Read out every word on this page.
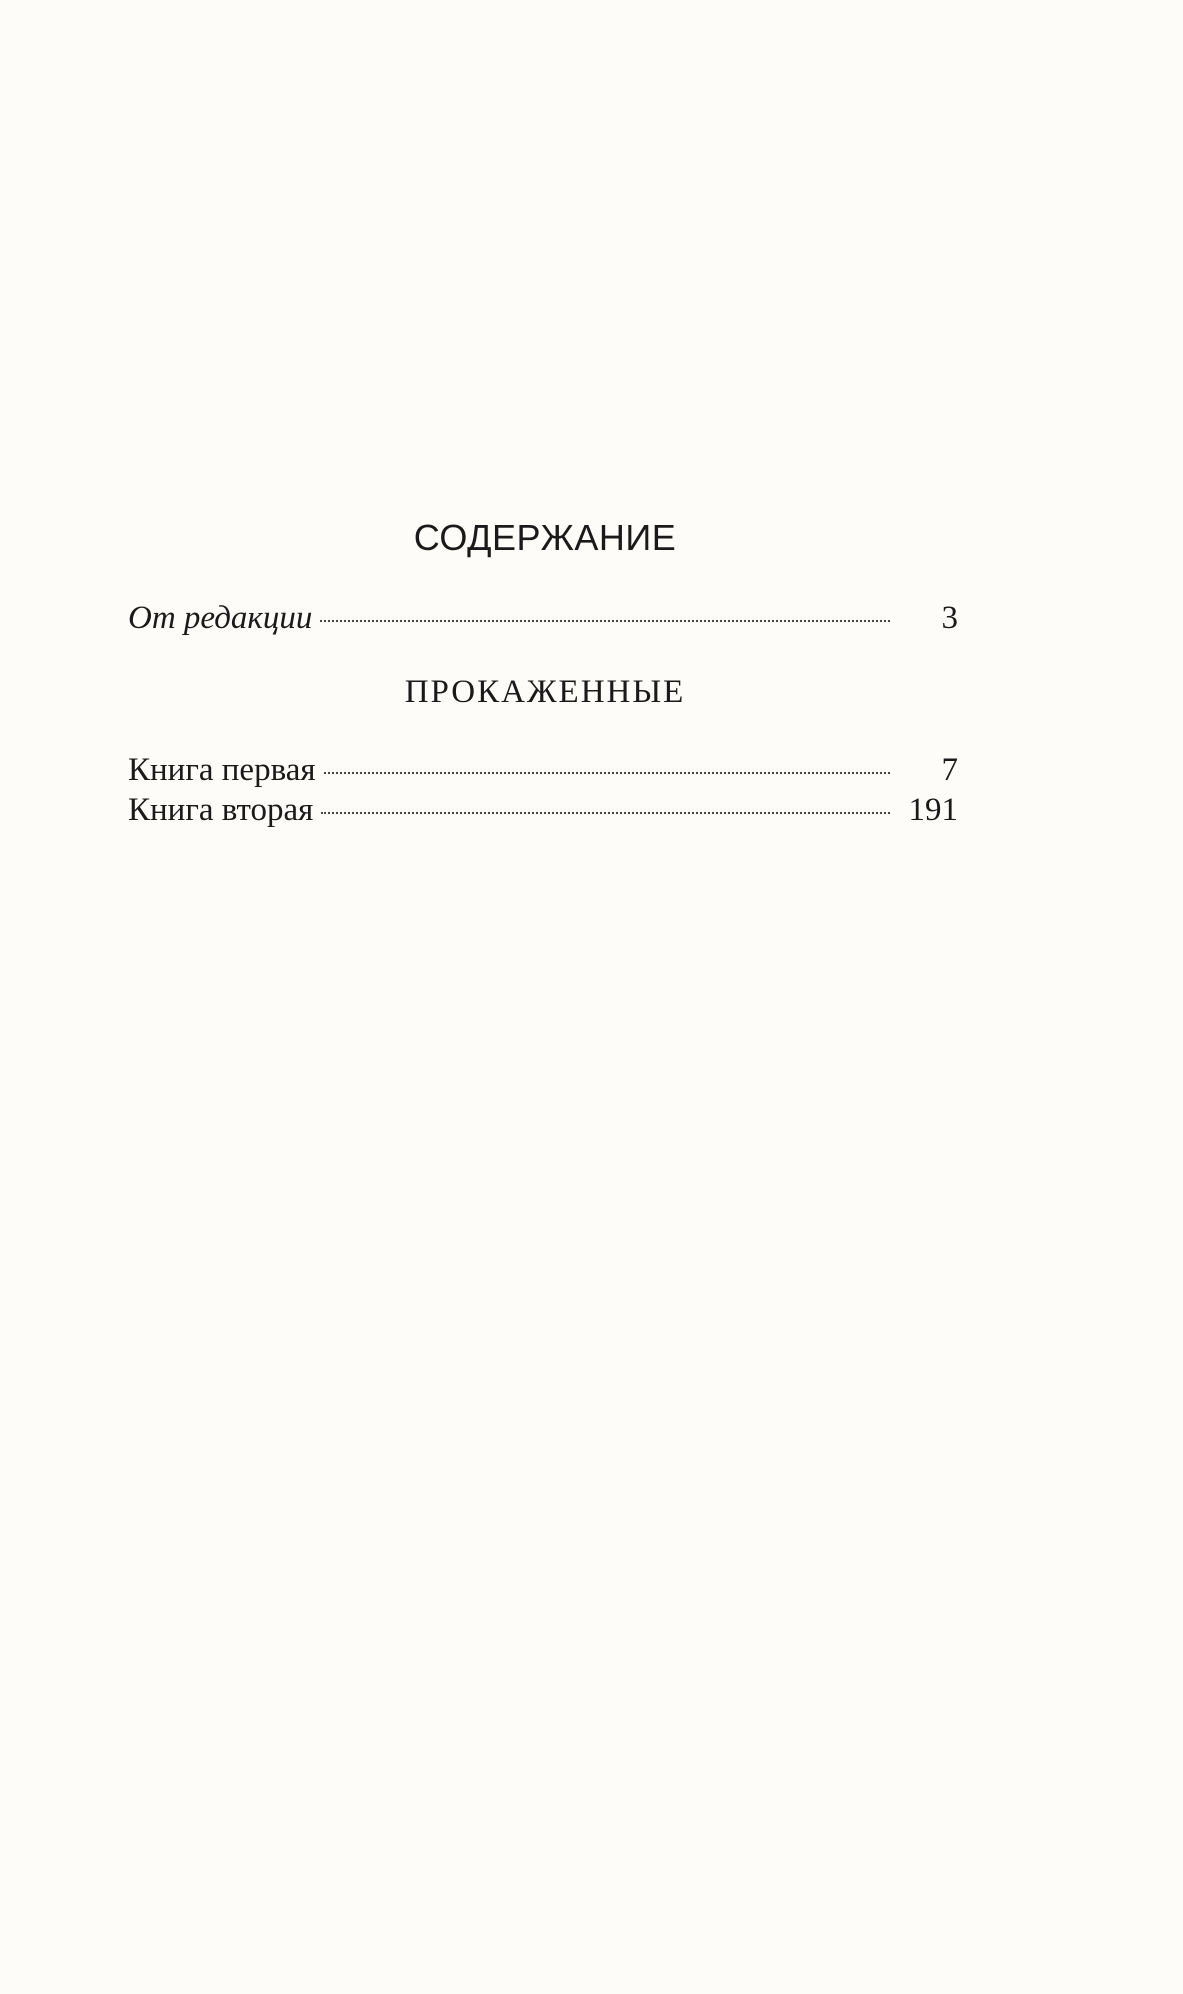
СОДЕРЖАНИЕ
От редакции	3
ПРОКАЖЕННЫЕ
Книга первая	7
Книга вторая	191
